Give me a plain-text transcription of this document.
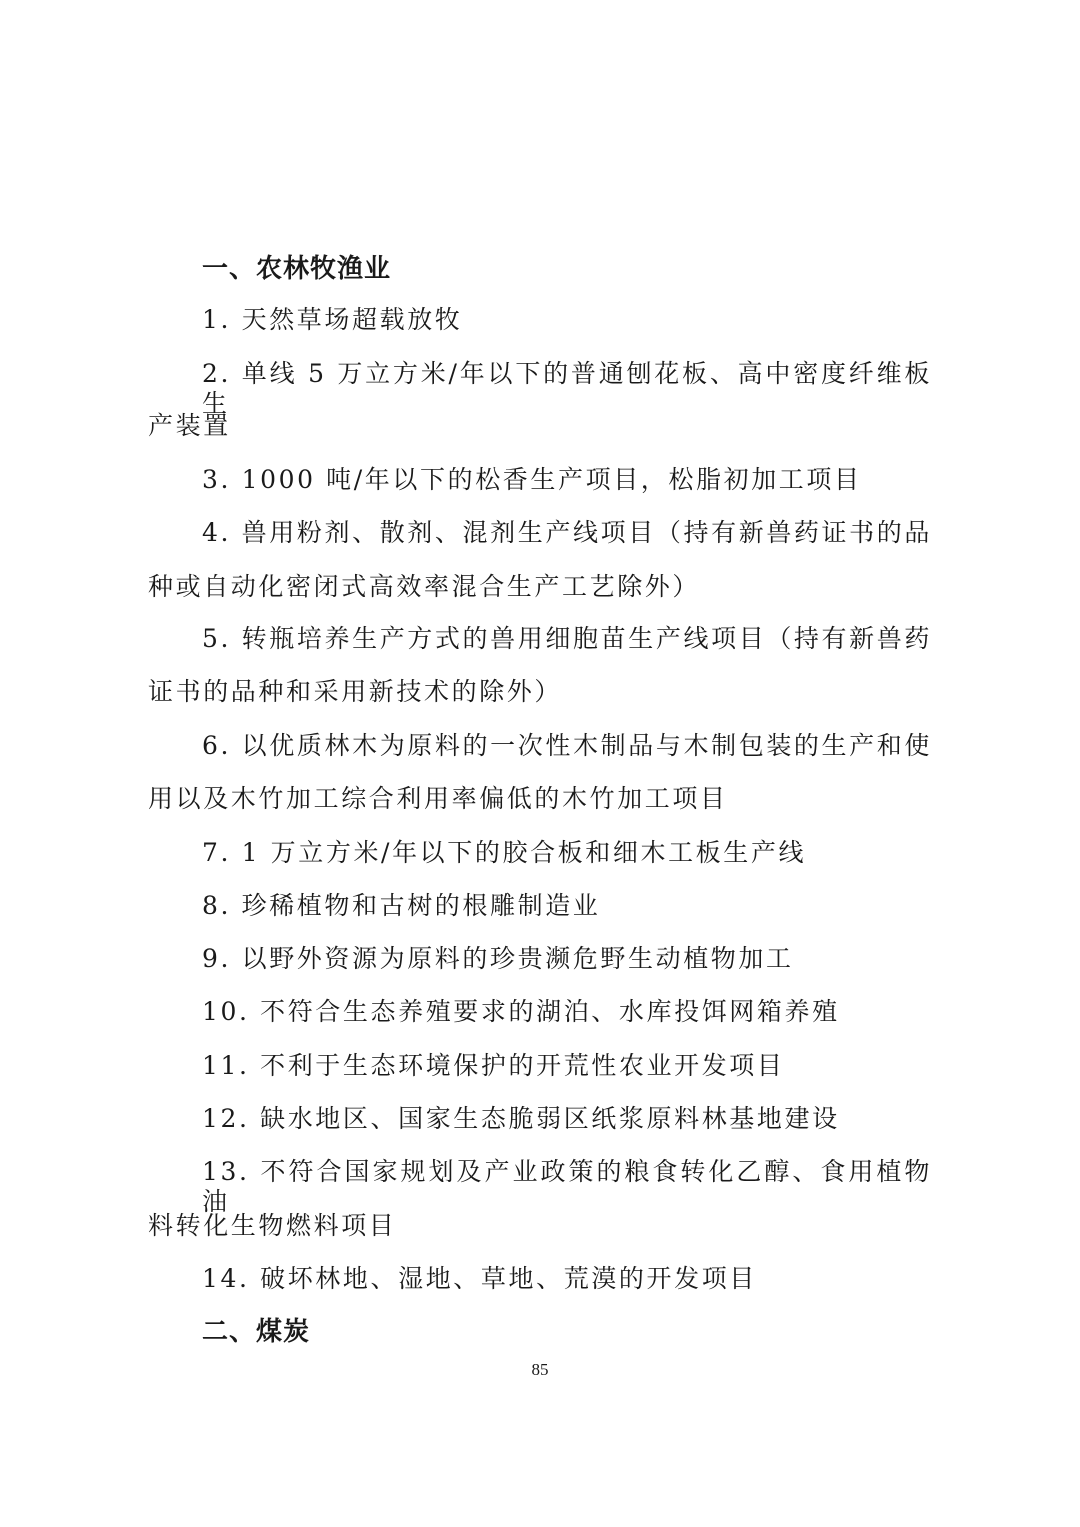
一、农林牧渔业
1. 天然草场超载放牧
2. 单线 5 万立方米/年以下的普通刨花板、高中密度纤维板生
产装置
3. 1000 吨/年以下的松香生产项目，松脂初加工项目
4. 兽用粉剂、散剂、混剂生产线项目（持有新兽药证书的品
种或自动化密闭式高效率混合生产工艺除外）
5. 转瓶培养生产方式的兽用细胞苗生产线项目（持有新兽药
证书的品种和采用新技术的除外）
6. 以优质林木为原料的一次性木制品与木制包装的生产和使
用以及木竹加工综合利用率偏低的木竹加工项目
7. 1 万立方米/年以下的胶合板和细木工板生产线
8. 珍稀植物和古树的根雕制造业
9. 以野外资源为原料的珍贵濒危野生动植物加工
10. 不符合生态养殖要求的湖泊、水库投饵网箱养殖
11. 不利于生态环境保护的开荒性农业开发项目
12. 缺水地区、国家生态脆弱区纸浆原料林基地建设
13. 不符合国家规划及产业政策的粮食转化乙醇、食用植物油
料转化生物燃料项目
14. 破坏林地、湿地、草地、荒漠的开发项目
二、煤炭
85
